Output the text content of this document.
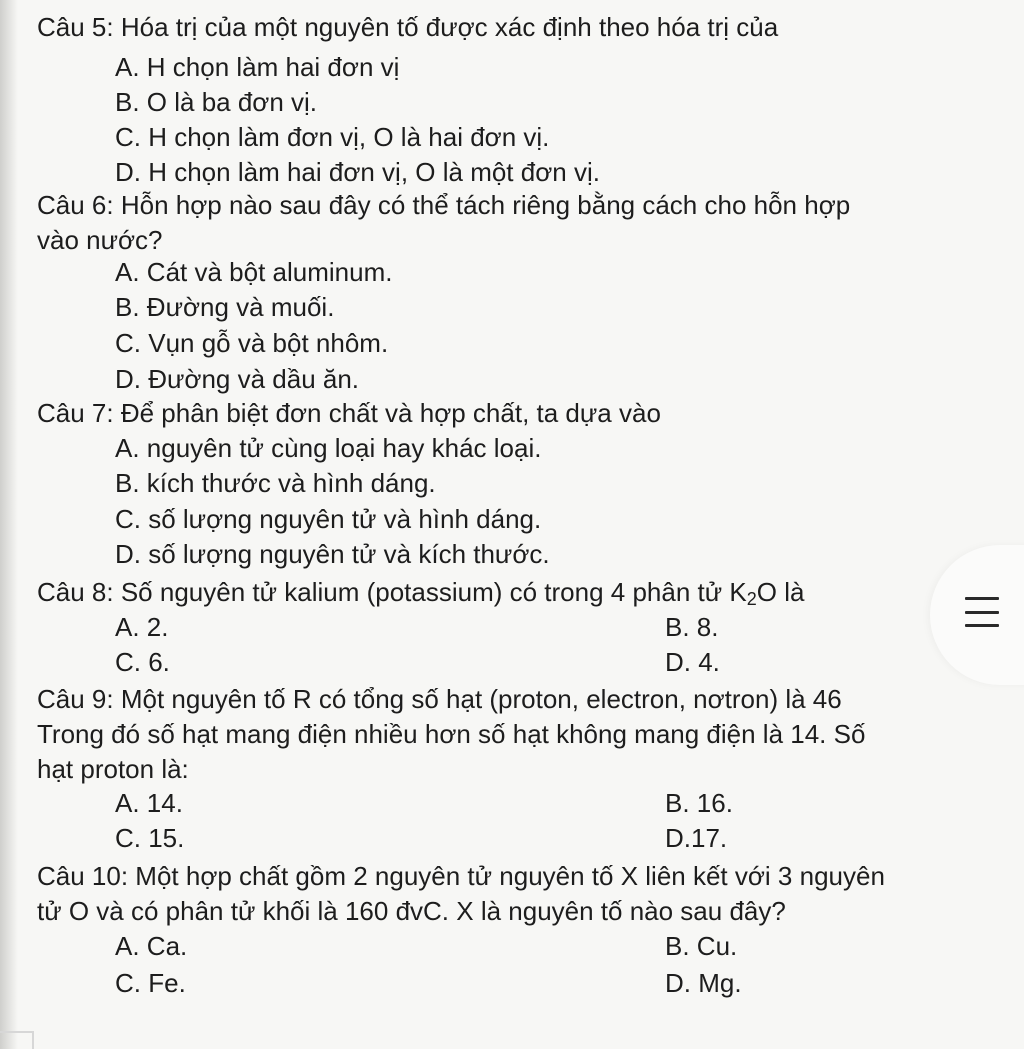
Câu 5: Hóa trị của một nguyên tố được xác định theo hóa trị của
A. H chọn làm hai đơn vị
B. O là ba đơn vị.
C. H chọn làm đơn vị, O là hai đơn vị.
D. H chọn làm hai đơn vị, O là một đơn vị.
Câu 6: Hỗn hợp nào sau đây có thể tách riêng bằng cách cho hỗn hợp
vào nước?
A. Cát và bột aluminum.
B. Đường và muối.
C. Vụn gỗ và bột nhôm.
D. Đường và dầu ăn.
Câu 7: Để phân biệt đơn chất và hợp chất, ta dựa vào
A. nguyên tử cùng loại hay khác loại.
B. kích thước và hình dáng.
C. số lượng nguyên tử và hình dáng.
D. số lượng nguyên tử và kích thước.
Câu 8: Số nguyên tử kalium (potassium) có trong 4 phân tử $K_2O$ là
A. 2.	B. 8.
C. 6.	D. 4.
Câu 9: Một nguyên tố R có tổng số hạt (proton, electron, nơtron) là 46
Trong đó số hạt mang điện nhiều hơn số hạt không mang điện là 14. Số
hạt proton là:
A. 14.	B. 16.
C. 15.	D.17.
Câu 10: Một hợp chất gồm 2 nguyên tử nguyên tố X liên kết với 3 nguyên
tử O và có phân tử khối là 160 đvC. X là nguyên tố nào sau đây?
A. Ca.	B. Cu.
C. Fe.	D. Mg.
